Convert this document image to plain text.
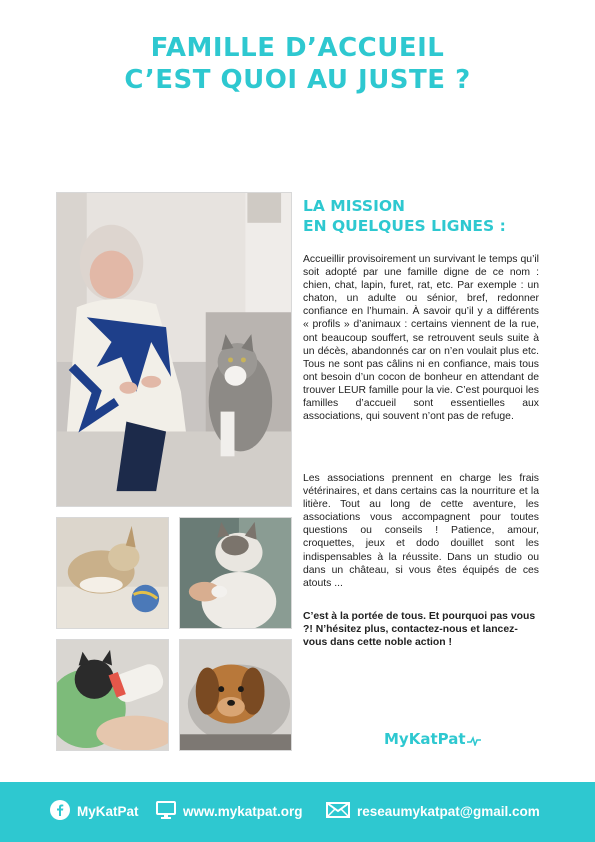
FAMILLE D’ACCUEIL
C’EST QUOI AU JUSTE ?
LA MISSION
EN QUELQUES LIGNES :

Accueillir provisoirement un survivant le temps qu’il soit adopté par une famille digne de ce nom : chien, chat, lapin, furet, rat, etc. Par exemple : un chaton, un adulte ou sénior, bref, redonner confiance en l’humain. À savoir qu’il y a différents « profils » d’animaux : certains viennent de la rue, ont beaucoup souffert, se retrouvent seuls suite à un décès, abandonnés car on n’en voulait plus etc. Tous ne sont pas câlins ni en confiance, mais tous ont besoin d’un cocon de bonheur en attendant de trouver LEUR famille pour la vie. C’est pourquoi les familles d’accueil sont essentielles aux associations, qui souvent n’ont pas de refuge.

Les associations prennent en charge les frais vétérinaires, et dans certains cas la nourriture et la litière. Tout au long de cette aventure, les associations vous accompagnent pour toutes questions ou conseils ! Patience, amour, croquettes, jeux et dodo douillet sont les indispensables à la réussite. Dans un studio ou dans un château, si vous êtes équipés de ces atouts ...

C’est à la portée de tous. Et pourquoi pas vous ?! N’hésitez plus, contactez-nous et lancez-vous dans cette noble action !

MyKatPat
MyKatPat	www.mykatpat.org	reseaumykatpat@gmail.com
